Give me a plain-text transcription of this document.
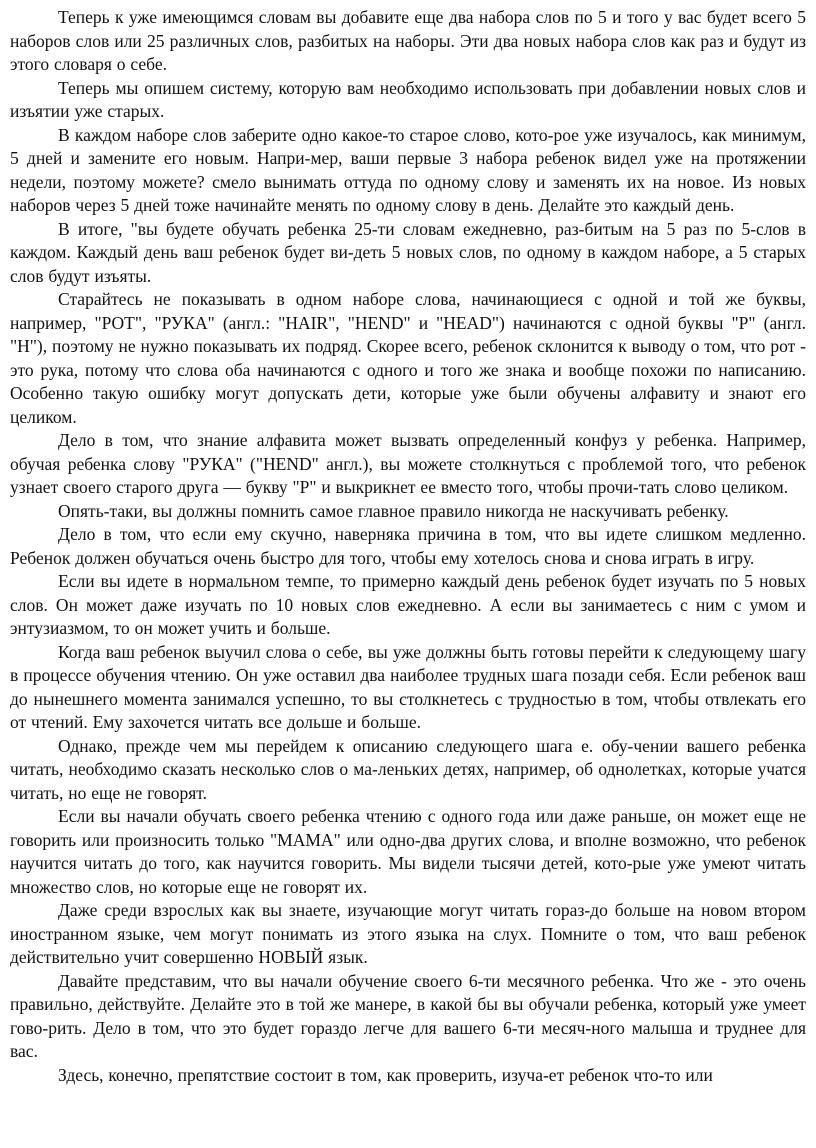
Теперь к уже имеющимся словам вы добавите еще два набора слов по 5 и того у вас будет всего 5 наборов слов или 25 различных слов, разбитых на наборы. Эти два новых набора слов как раз и будут из этого словаря о себе.

Теперь мы опишем систему, которую вам необходимо использовать при добавлении новых слов и изъятии уже старых.

В каждом наборе слов заберите одно какое-то старое слово, кото-рое уже изучалось, как минимум, 5 дней и замените его новым. Напри-мер, ваши первые 3 набора ребенок видел уже на протяжении недели, поэтому можете? смело вынимать оттуда по одному слову и заменять их на новое. Из новых наборов через 5 дней тоже начинайте менять по одному слову в день. Делайте это каждый день.

В итоге, "вы будете обучать ребенка 25-ти словам ежедневно, раз-битым на 5 раз по 5-слов в каждом. Каждый день ваш ребенок будет ви-деть 5 новых слов, по одному в каждом наборе, а 5 старых слов будут изъяты.

Старайтесь не показывать в одном наборе слова, начинающиеся с одной и той же буквы, например, "РОТ", "РУКА" (англ.: "HAIR", "HEND" и "HEAD") начинаются с одной буквы "Р" (англ. "Н"), поэтому не нужно показывать их подряд. Скорее всего, ребенок склонится к выводу о том, что рот - это рука, потому что слова оба начинаются с одного и того же знака и вообще похожи по написанию. Особенно такую ошибку могут допускать дети, которые уже были обучены алфавиту и знают его целиком.

Дело в том, что знание алфавита может вызвать определенный конфуз у ребенка. Например, обучая ребенка слову "РУКА" ("HEND" англ.), вы можете столкнуться с проблемой того, что ребенок узнает своего старого друга — букву "Р" и выкрикнет ее вместо того, чтобы прочи-тать слово целиком.

Опять-таки, вы должны помнить самое главное правило никогда не наскучивать ребенку.

Дело в том, что если ему скучно, наверняка причина в том, что вы идете слишком медленно. Ребенок должен обучаться очень быстро для того, чтобы ему хотелось снова и снова играть в игру.

Если вы идете в нормальном темпе, то примерно каждый день ребенок будет изучать по 5 новых слов. Он может даже изучать по 10 новых слов ежедневно. А если вы занимаетесь с ним с умом и энтузиазмом, то он может учить и больше.

Когда ваш ребенок выучил слова о себе, вы уже должны быть готовы перейти к следующему шагу в процессе обучения чтению. Он уже оставил два наиболее трудных шага позади себя. Если ребенок ваш до нынешнего момента занимался успешно, то вы столкнетесь с трудностью в том, чтобы отвлекать его от чтений. Ему захочется читать все дольше и больше.

Однако, прежде чем мы перейдем к описанию следующего шага е. обу-чении вашего ребенка читать, необходимо сказать несколько слов о ма-леньких детях, например, об однолетках, которые учатся читать, но еще не говорят.

Если вы начали обучать своего ребенка чтению с одного года или даже раньше, он может еще не говорить или произносить только "МАМА" или одно-два других слова, и вполне возможно, что ребенок научится читать до того, как научится говорить. Мы видели тысячи детей, кото-рые уже умеют читать множество слов, но которые еще не говорят их.

Даже среди взрослых как вы знаете, изучающие могут читать гораз-до больше на новом втором иностранном языке, чем могут понимать из этого языка на слух. Помните о том, что ваш ребенок действительно учит совершенно НОВЫЙ язык.

Давайте представим, что вы начали обучение своего 6-ти месячного ребенка. Что же - это очень правильно, действуйте. Делайте это в той же манере, в какой бы вы обучали ребенка, который уже умеет гово-рить. Дело в том, что это будет гораздо легче для вашего 6-ти месяч-ного малыша и труднее для вас.

Здесь, конечно, препятствие состоит в том, как проверить, изуча-ет ребенок что-то или
